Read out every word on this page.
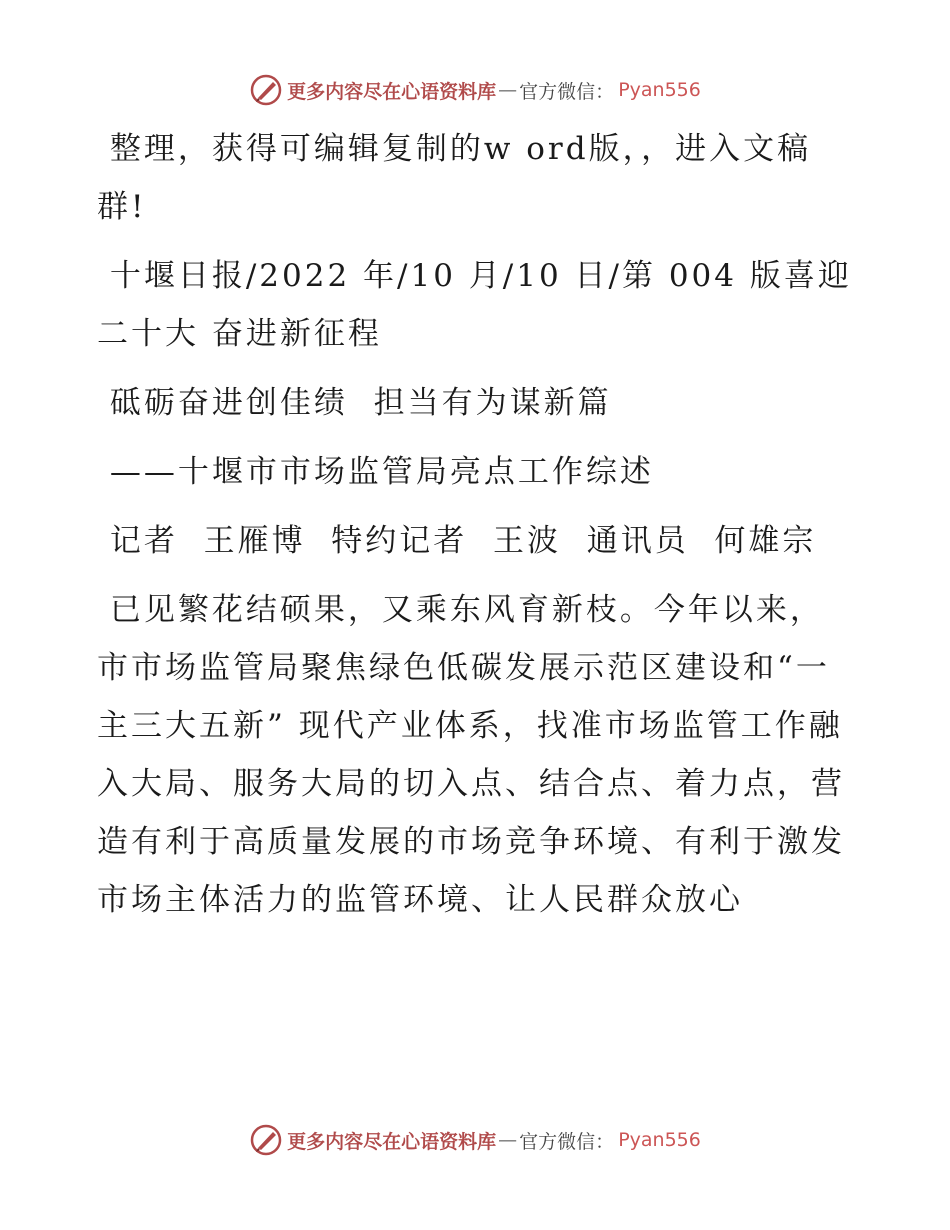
更多内容尽在心语资料库 — 官方微信： Pyan556

整理，获得可编辑复制的w ord版，，进入文稿群!

十堰日报/2022 年/10 月/10 日/第 004 版喜迎二十大 奋进新征程

砥砺奋进创佳绩  担当有为谋新篇

——十堰市市场监管局亮点工作综述

记者  王雁博  特约记者  王波  通讯员  何雄宗

已见繁花结硕果，又乘东风育新枝。今年以来，市市场监管局聚焦绿色低碳发展示范区建设和“一主三大五新” 现代产业体系，找准市场监管工作融入大局、服务大局的切入点、结合点、着力点，营造有利于高质量发展的市场竞争环境、有利于激发市场主体活力的监管环境、让人民群众放心

更多内容尽在心语资料库 — 官方微信： Pyan556
